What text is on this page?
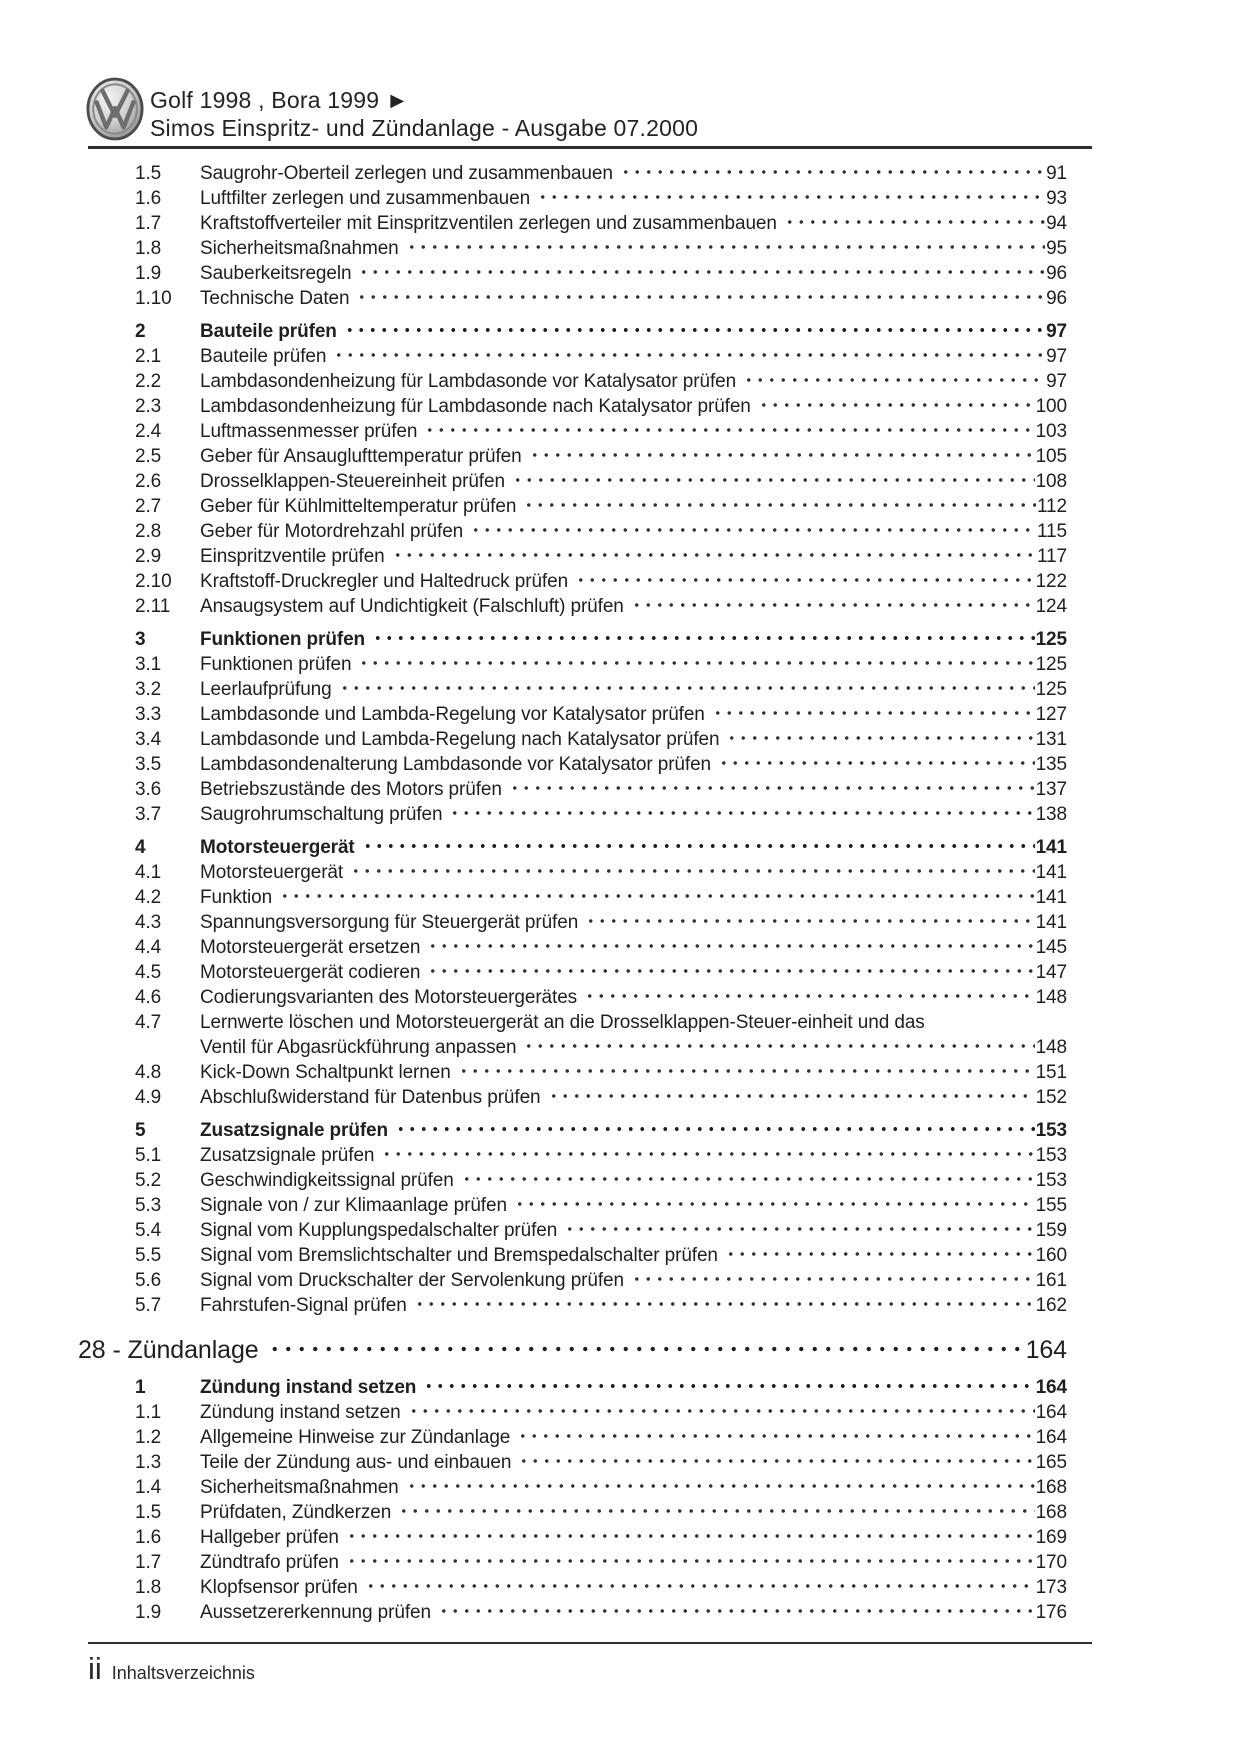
Golf 1998 , Bora 1999 ►
Simos Einspritz- und Zündanlage - Ausgabe 07.2000
1.5	Saugrohr-Oberteil zerlegen und zusammenbauen	91
1.6	Luftfilter zerlegen und zusammenbauen	93
1.7	Kraftstoffverteiler mit Einspritzventilen zerlegen und zusammenbauen	94
1.8	Sicherheitsmaßnahmen	95
1.9	Sauberkeitsregeln	96
1.10	Technische Daten	96
2	Bauteile prüfen	97
2.1	Bauteile prüfen	97
2.2	Lambdasondenheizung für Lambdasonde vor Katalysator prüfen	97
2.3	Lambdasondenheizung für Lambdasonde nach Katalysator prüfen	100
2.4	Luftmassenmesser prüfen	103
2.5	Geber für Ansauglufttemperatur prüfen	105
2.6	Drosselklappen-Steuereinheit prüfen	108
2.7	Geber für Kühlmitteltemperatur prüfen	112
2.8	Geber für Motordrehzahl prüfen	115
2.9	Einspritzventile prüfen	117
2.10	Kraftstoff-Druckregler und Haltedruck prüfen	122
2.11	Ansaugsystem auf Undichtigkeit (Falschluft) prüfen	124
3	Funktionen prüfen	125
3.1	Funktionen prüfen	125
3.2	Leerlaufprüfung	125
3.3	Lambdasonde und Lambda-Regelung vor Katalysator prüfen	127
3.4	Lambdasonde und Lambda-Regelung nach Katalysator prüfen	131
3.5	Lambdasondenalterung Lambdasonde vor Katalysator prüfen	135
3.6	Betriebszustände des Motors prüfen	137
3.7	Saugrohrumschaltung prüfen	138
4	Motorsteuergerät	141
4.1	Motorsteuergerät	141
4.2	Funktion	141
4.3	Spannungsversorgung für Steuergerät prüfen	141
4.4	Motorsteuergerät ersetzen	145
4.5	Motorsteuergerät codieren	147
4.6	Codierungsvarianten des Motorsteuergerätes	148
4.7	Lernwerte löschen und Motorsteuergerät an die Drosselklappen-Steuer-einheit und das
Ventil für Abgasrückführung anpassen	148
4.8	Kick-Down Schaltpunkt lernen	151
4.9	Abschlußwiderstand für Datenbus prüfen	152
5	Zusatzsignale prüfen	153
5.1	Zusatzsignale prüfen	153
5.2	Geschwindigkeitssignal prüfen	153
5.3	Signale von / zur Klimaanlage prüfen	155
5.4	Signal vom Kupplungspedalschalter prüfen	159
5.5	Signal vom Bremslichtschalter und Bremspedalschalter prüfen	160
5.6	Signal vom Druckschalter der Servolenkung prüfen	161
5.7	Fahrstufen-Signal prüfen	162
28 - Zündanlage	164
1	Zündung instand setzen	164
1.1	Zündung instand setzen	164
1.2	Allgemeine Hinweise zur Zündanlage	164
1.3	Teile der Zündung aus- und einbauen	165
1.4	Sicherheitsmaßnahmen	168
1.5	Prüfdaten, Zündkerzen	168
1.6	Hallgeber prüfen	169
1.7	Zündtrafo prüfen	170
1.8	Klopfsensor prüfen	173
1.9	Aussetzererkennung prüfen	176
ii Inhaltsverzeichnis
